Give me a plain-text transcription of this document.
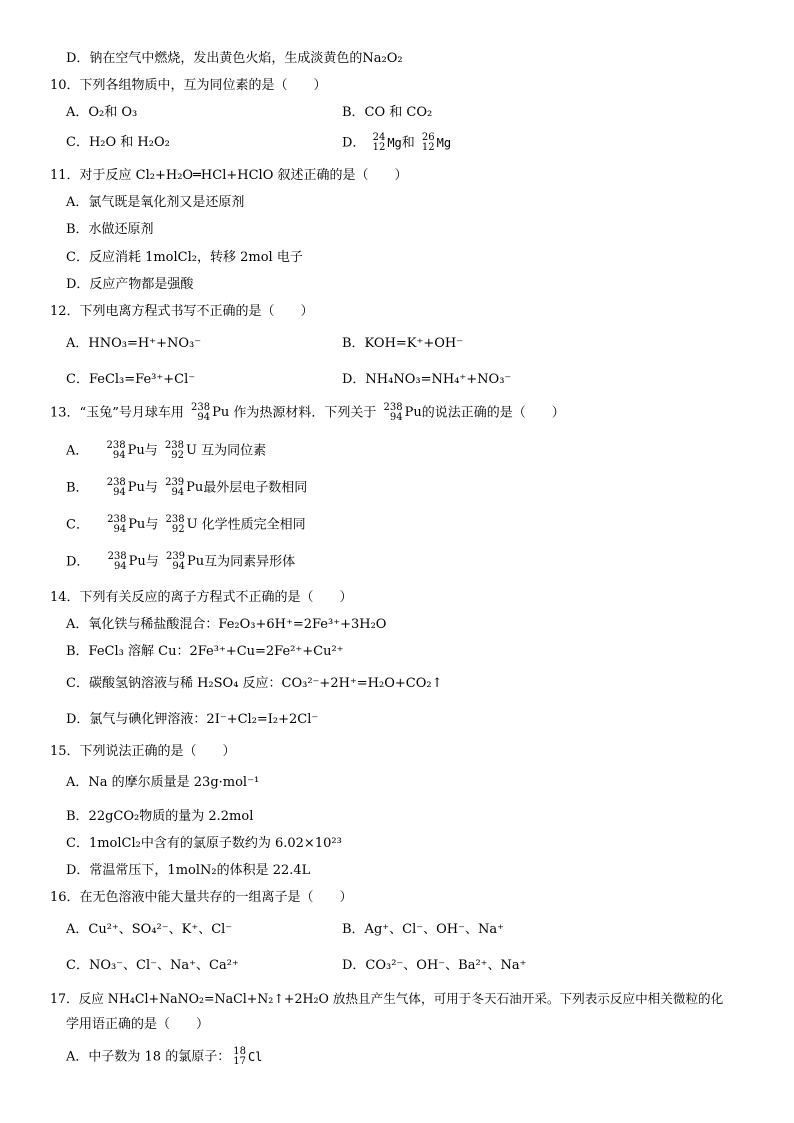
D．钠在空气中燃烧，发出黄色火焰，生成淡黄色的Na₂O₂
10．下列各组物质中，互为同位素的是（　　）
A．O₂和 O₃	B．CO 和 CO₂
C．H₂O 和 H₂O₂	D． 24
12 Mg和 26
12 Mg
11．对于反应 Cl₂+H₂O═HCl+HClO 叙述正确的是（　　）
A．氯气既是氧化剂又是还原剂
B．水做还原剂
C．反应消耗 1molCl₂，转移 2mol 电子
D．反应产物都是强酸
12．下列电离方程式书写不正确的是（　　）
A．HNO₃=H⁺+NO₃⁻	B．KOH=K⁺+OH⁻
C．FeCl₃=Fe³⁺+Cl⁻	D．NH₄NO₃=NH₄⁺+NO₃⁻
13．“玉兔”号月球车用 238
94 Pu 作为热源材料．下列关于 238
94 Pu的说法正确的是（　　）
A． 238
94 Pu与 238
92 U 互为同位素
B． 238
94 Pu与 239
94 Pu最外层电子数相同
C． 238
94 Pu与 238
92 U 化学性质完全相同
D． 238
94 Pu与 239
94 Pu互为同素异形体
14．下列有关反应的离子方程式不正确的是（　　）
A．氧化铁与稀盐酸混合：Fe₂O₃+6H⁺=2Fe³⁺+3H₂O
B．FeCl₃ 溶解 Cu：2Fe³⁺+Cu=2Fe²⁺+Cu²⁺
C．碳酸氢钠溶液与稀 H₂SO₄ 反应：CO₃²⁻+2H⁺=H₂O+CO₂↑
D．氯气与碘化钾溶液：2I⁻+Cl₂=I₂+2Cl⁻
15．下列说法正确的是（　　）
A．Na 的摩尔质量是 23g·mol⁻¹
B．22gCO₂物质的量为 2.2mol
C．1molCl₂中含有的氯原子数约为 6.02×10²³
D．常温常压下，1molN₂的体积是 22.4L
16．在无色溶液中能大量共存的一组离子是（　　）
A．Cu²⁺、SO₄²⁻、K⁺、Cl⁻	B．Ag⁺、Cl⁻、OH⁻、Na⁺
C．NO₃⁻、Cl⁻、Na⁺、Ca²⁺	D．CO₃²⁻、OH⁻、Ba²⁺、Na⁺
17．反应 NH₄Cl+NaNO₂=NaCl+N₂↑+2H₂O 放热且产生气体，可用于冬天石油开采。下列表示反应中相关微粒的化
学用语正确的是（　　）
A．中子数为 18 的氯原子： 18
17 Cl
